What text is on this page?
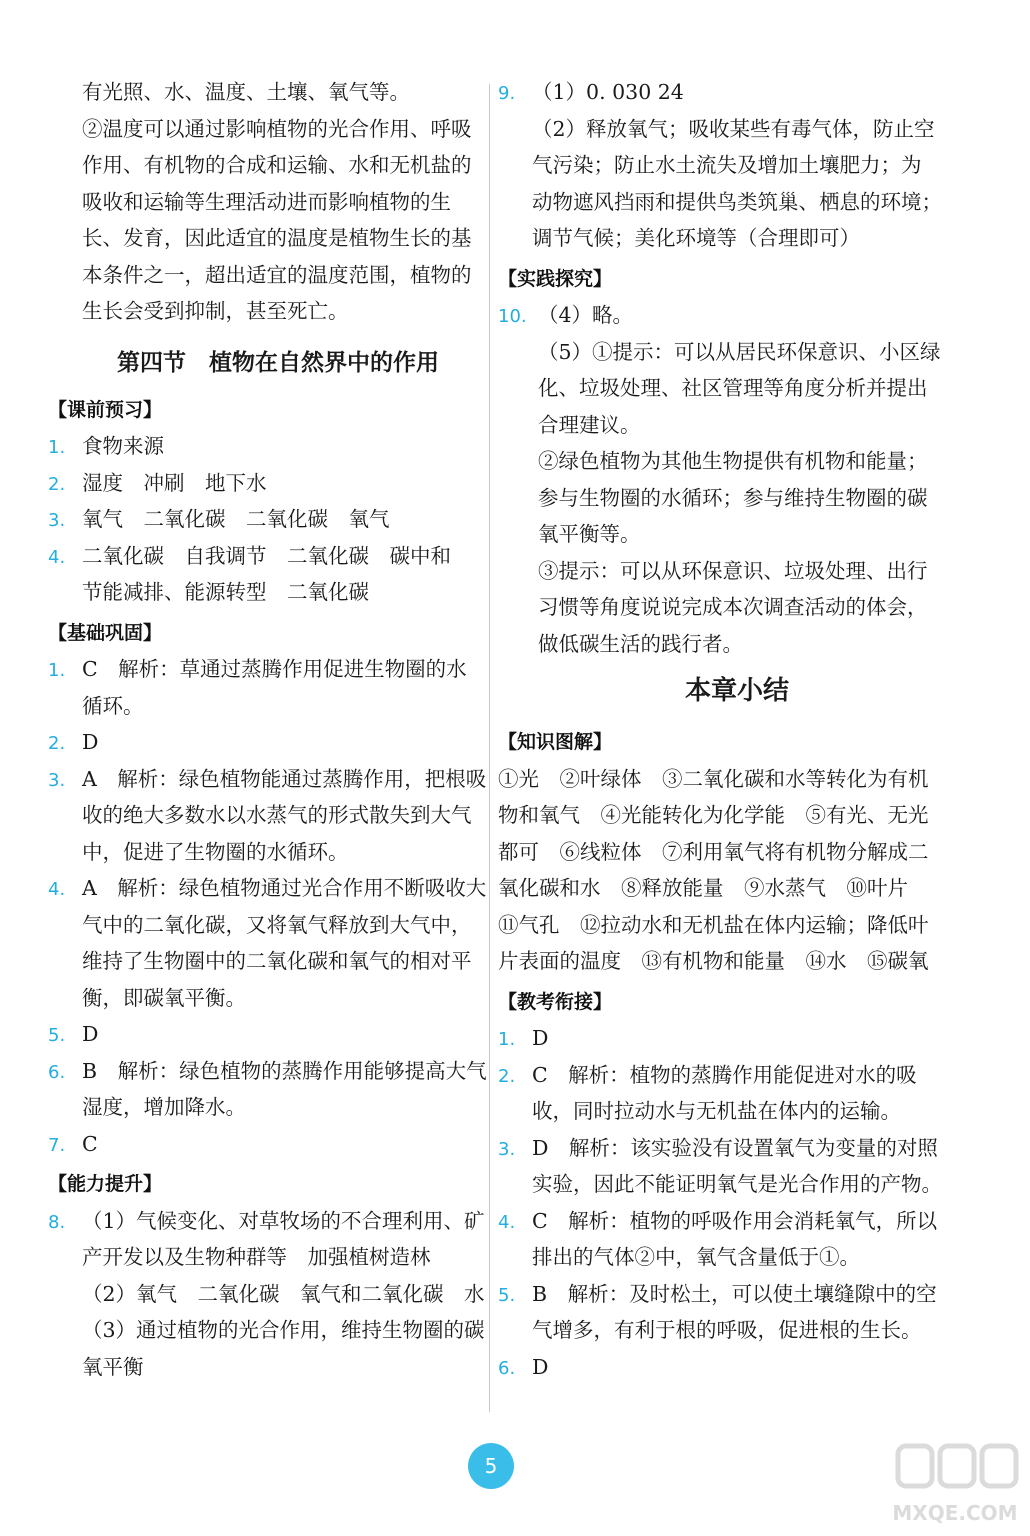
有光照、水、温度、土壤、氧气等。
②温度可以通过影响植物的光合作用、呼吸
作用、有机物的合成和运输、水和无机盐的
吸收和运输等生理活动进而影响植物的生
长、发育，因此适宜的温度是植物生长的基
本条件之一，超出适宜的温度范围，植物的
生长会受到抑制，甚至死亡。
第四节　植物在自然界中的作用
【课前预习】
1. 食物来源
2. 湿度　冲刷　地下水
3. 氧气　二氧化碳　二氧化碳　氧气
4. 二氧化碳　自我调节　二氧化碳　碳中和
节能减排、能源转型　二氧化碳
【基础巩固】
1. C　解析：草通过蒸腾作用促进生物圈的水
循环。
2. D
3. A　解析：绿色植物能通过蒸腾作用，把根吸
收的绝大多数水以水蒸气的形式散失到大气
中，促进了生物圈的水循环。
4. A　解析：绿色植物通过光合作用不断吸收大
气中的二氧化碳，又将氧气释放到大气中，
维持了生物圈中的二氧化碳和氧气的相对平
衡，即碳氧平衡。
5. D
6. B　解析：绿色植物的蒸腾作用能够提高大气
湿度，增加降水。
7. C
【能力提升】
8. （1）气候变化、对草牧场的不合理利用、矿
产开发以及生物种群等　加强植树造林
（2）氧气　二氧化碳　氧气和二氧化碳　水
（3）通过植物的光合作用，维持生物圈的碳
氧平衡
9. （1）0. 030 24
（2）释放氧气；吸收某些有毒气体，防止空
气污染；防止水土流失及增加土壤肥力；为
动物遮风挡雨和提供鸟类筑巢、栖息的环境；
调节气候；美化环境等（合理即可）
【实践探究】
10. （4）略。
（5）①提示：可以从居民环保意识、小区绿
化、垃圾处理、社区管理等角度分析并提出
合理建议。
②绿色植物为其他生物提供有机物和能量；
参与生物圈的水循环；参与维持生物圈的碳
氧平衡等。
③提示：可以从环保意识、垃圾处理、出行
习惯等角度说说完成本次调查活动的体会，
做低碳生活的践行者。
本章小结
【知识图解】
①光　②叶绿体　③二氧化碳和水等转化为有机
物和氧气　④光能转化为化学能　⑤有光、无光
都可　⑥线粒体　⑦利用氧气将有机物分解成二
氧化碳和水　⑧释放能量　⑨水蒸气　⑩叶片
⑪气孔　⑫拉动水和无机盐在体内运输；降低叶
片表面的温度　⑬有机物和能量　⑭水　⑮碳氧
【教考衔接】
1. D
2. C　解析：植物的蒸腾作用能促进对水的吸
收，同时拉动水与无机盐在体内的运输。
3. D　解析：该实验没有设置氧气为变量的对照
实验，因此不能证明氧气是光合作用的产物。
4. C　解析：植物的呼吸作用会消耗氧气，所以
排出的气体②中，氧气含量低于①。
5. B　解析：及时松土，可以使土壤缝隙中的空
气增多，有利于根的呼吸，促进根的生长。
6. D
5
MXQE.COM
